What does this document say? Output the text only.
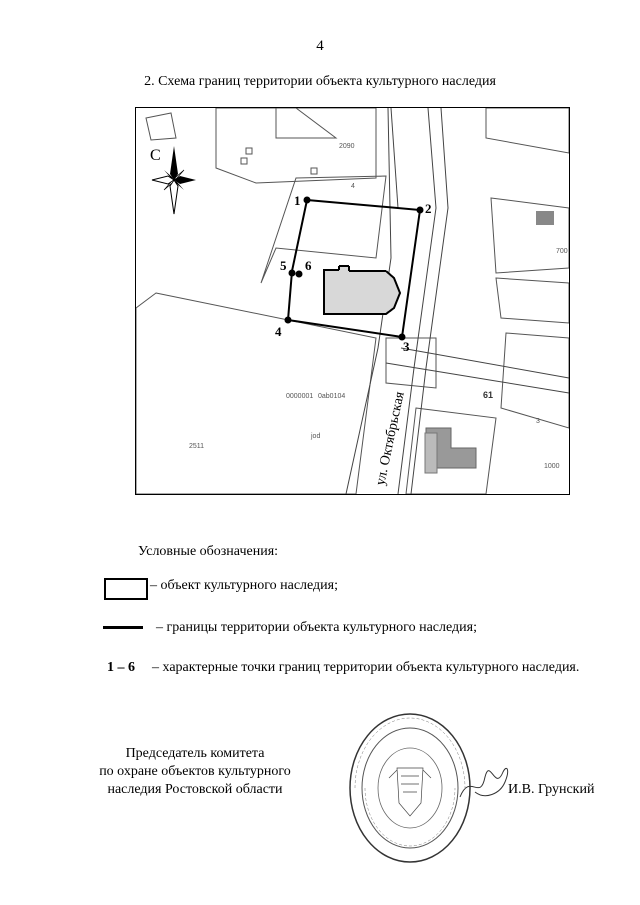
4
2. Схема границ территории объекта культурного наследия
2511
61
0000001 0ab0104
3
4
2090
700
1000
jod
1
2
3
4
5 6
ул. Октябрьская
С
Условные обозначения:
– объект культурного наследия;
– границы территории объекта культурного наследия;
1 – 6 – характерные точки границ территории объекта культурного наследия.
Председатель комитета
по охране объектов культурного
наследия Ростовской области	И.В. Грунский
